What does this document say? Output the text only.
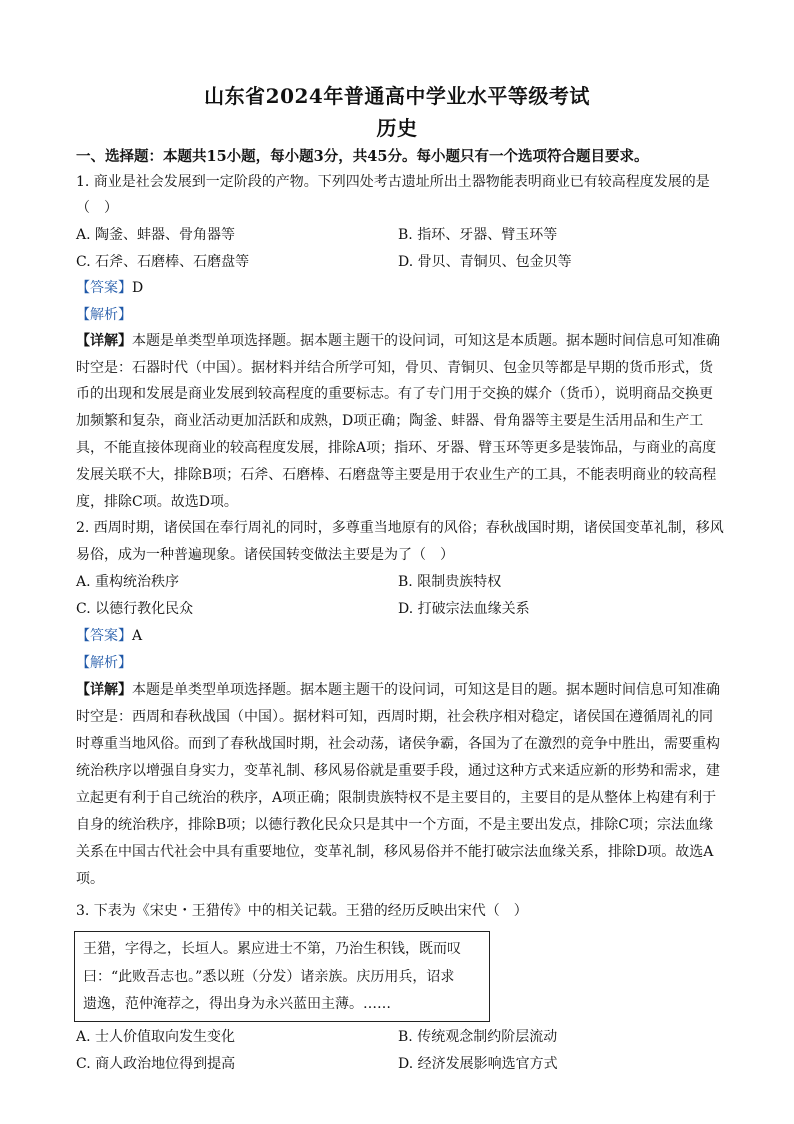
山东省2024年普通高中学业水平等级考试
历史
一、选择题：本题共15小题，每小题3分，共45分。每小题只有一个选项符合题目要求。
1. 商业是社会发展到一定阶段的产物。下列四处考古遗址所出土器物能表明商业已有较高程度发展的是
（　）
A. 陶釜、蚌器、骨角器等	B. 指环、牙器、臂玉环等
C. 石斧、石磨棒、石磨盘等	D. 骨贝、青铜贝、包金贝等
【答案】D
【解析】
【详解】本题是单类型单项选择题。据本题主题干的设问词，可知这是本质题。据本题时间信息可知准确
时空是：石器时代（中国）。据材料并结合所学可知，骨贝、青铜贝、包金贝等都是早期的货币形式，货
币的出现和发展是商业发展到较高程度的重要标志。有了专门用于交换的媒介（货币），说明商品交换更
加频繁和复杂，商业活动更加活跃和成熟，D项正确；陶釜、蚌器、骨角器等主要是生活用品和生产工
具，不能直接体现商业的较高程度发展，排除A项；指环、牙器、臂玉环等更多是装饰品，与商业的高度
发展关联不大，排除B项；石斧、石磨棒、石磨盘等主要是用于农业生产的工具，不能表明商业的较高程
度，排除C项。故选D项。
2. 西周时期，诸侯国在奉行周礼的同时，多尊重当地原有的风俗；春秋战国时期，诸侯国变革礼制，移风
易俗，成为一种普遍现象。诸侯国转变做法主要是为了（　）
A. 重构统治秩序	B. 限制贵族特权
C. 以德行教化民众	D. 打破宗法血缘关系
【答案】A
【解析】
【详解】本题是单类型单项选择题。据本题主题干的设问词，可知这是目的题。据本题时间信息可知准确
时空是：西周和春秋战国（中国）。据材料可知，西周时期，社会秩序相对稳定，诸侯国在遵循周礼的同
时尊重当地风俗。而到了春秋战国时期，社会动荡，诸侯争霸，各国为了在激烈的竞争中胜出，需要重构
统治秩序以增强自身实力，变革礼制、移风易俗就是重要手段，通过这种方式来适应新的形势和需求，建
立起更有利于自己统治的秩序，A项正确；限制贵族特权不是主要目的，主要目的是从整体上构建有利于
自身的统治秩序，排除B项；以德行教化民众只是其中一个方面，不是主要出发点，排除C项；宗法血缘
关系在中国古代社会中具有重要地位，变革礼制，移风易俗并不能打破宗法血缘关系，排除D项。故选A
项。
3. 下表为《宋史・王猎传》中的相关记载。王猎的经历反映出宋代（　）
王猎，字得之，长垣人。累应进士不第，乃治生积钱，既而叹
曰：“此败吾志也。”悉以班（分发）诸亲族。庆历用兵，诏求
遗逸，范仲淹荐之，得出身为永兴蓝田主薄。……
A. 士人价值取向发生变化	B. 传统观念制约阶层流动
C. 商人政治地位得到提高	D. 经济发展影响选官方式
